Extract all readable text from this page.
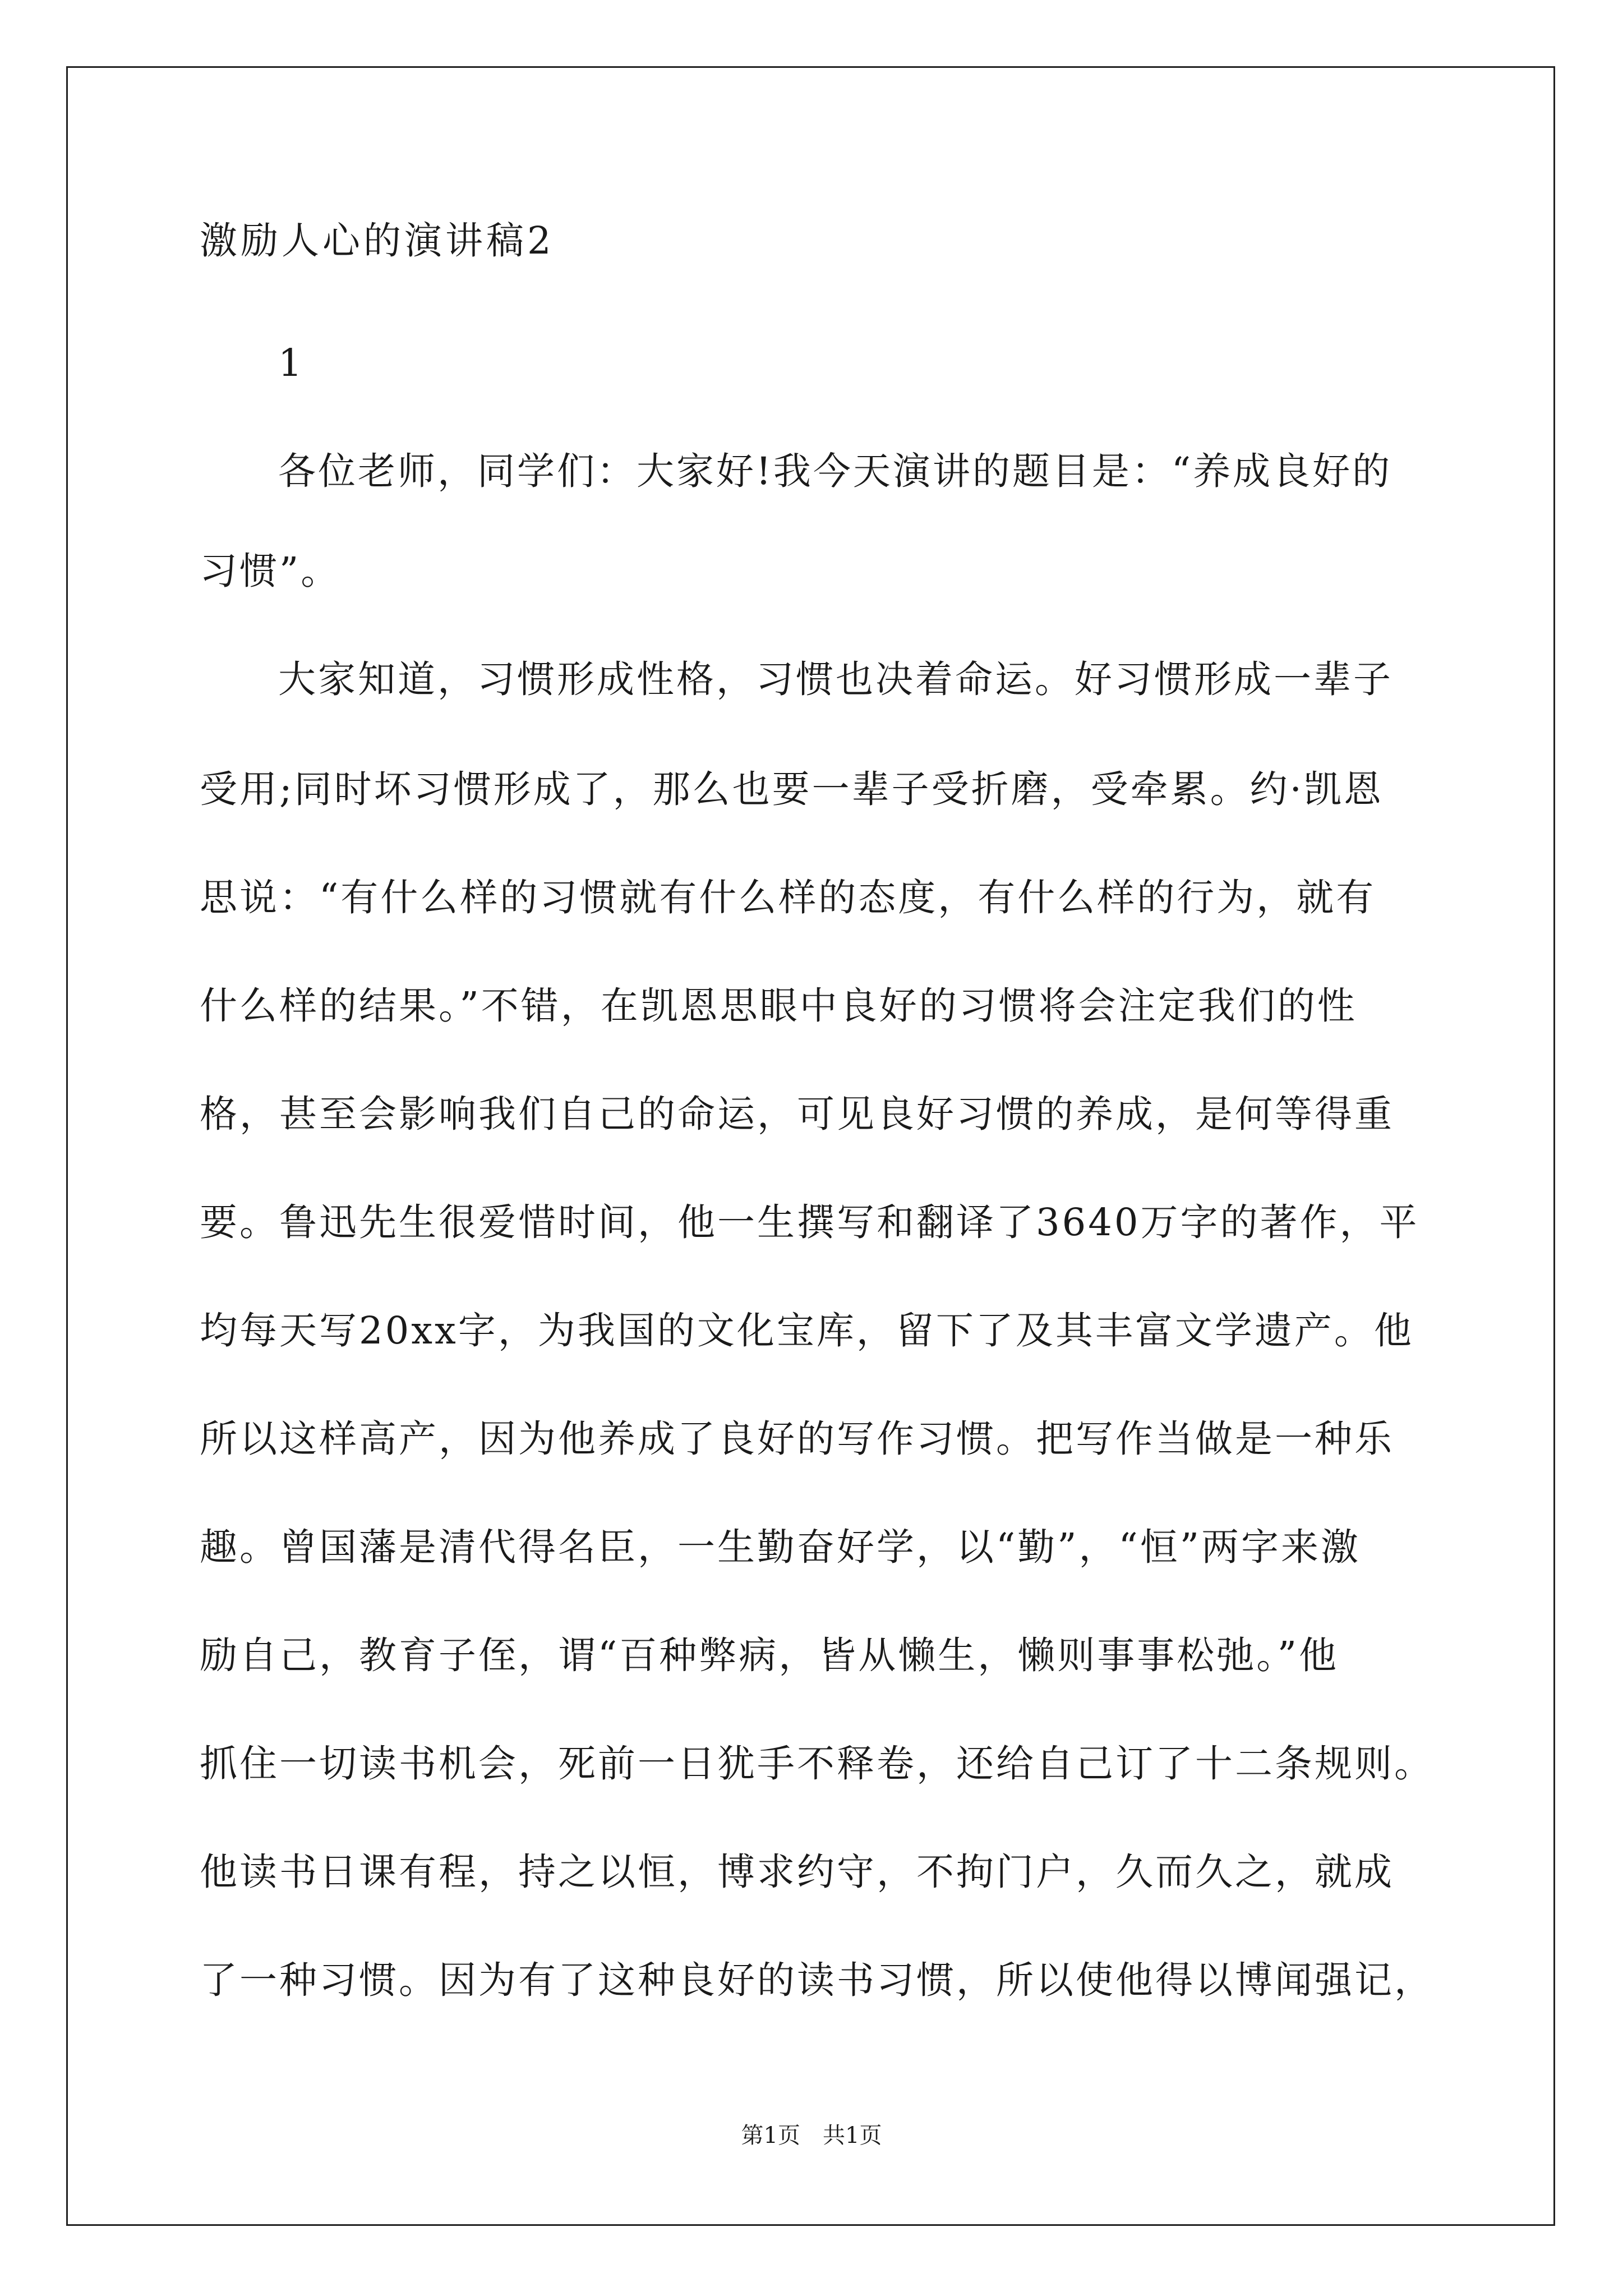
激励人心的演讲稿2
1
各位老师，同学们：大家好!我今天演讲的题目是：“养成良好的
习惯”。
大家知道，习惯形成性格，习惯也决着命运。好习惯形成一辈子
受用;同时坏习惯形成了，那么也要一辈子受折磨，受牵累。约·凯恩
思说：“有什么样的习惯就有什么样的态度，有什么样的行为，就有
什么样的结果。”不错，在凯恩思眼中良好的习惯将会注定我们的性
格，甚至会影响我们自己的命运，可见良好习惯的养成，是何等得重
要。鲁迅先生很爱惜时间，他一生撰写和翻译了3640万字的著作，平
均每天写20xx字，为我国的文化宝库，留下了及其丰富文学遗产。他
所以这样高产，因为他养成了良好的写作习惯。把写作当做是一种乐
趣。曾国藩是清代得名臣，一生勤奋好学，以“勤”，“恒”两字来激
励自己，教育子侄，谓“百种弊病，皆从懒生，懒则事事松弛。”他
抓住一切读书机会，死前一日犹手不释卷，还给自己订了十二条规则。
他读书日课有程，持之以恒，博求约守，不拘门户，久而久之，就成
了一种习惯。因为有了这种良好的读书习惯，所以使他得以博闻强记，
第1页 共1页
